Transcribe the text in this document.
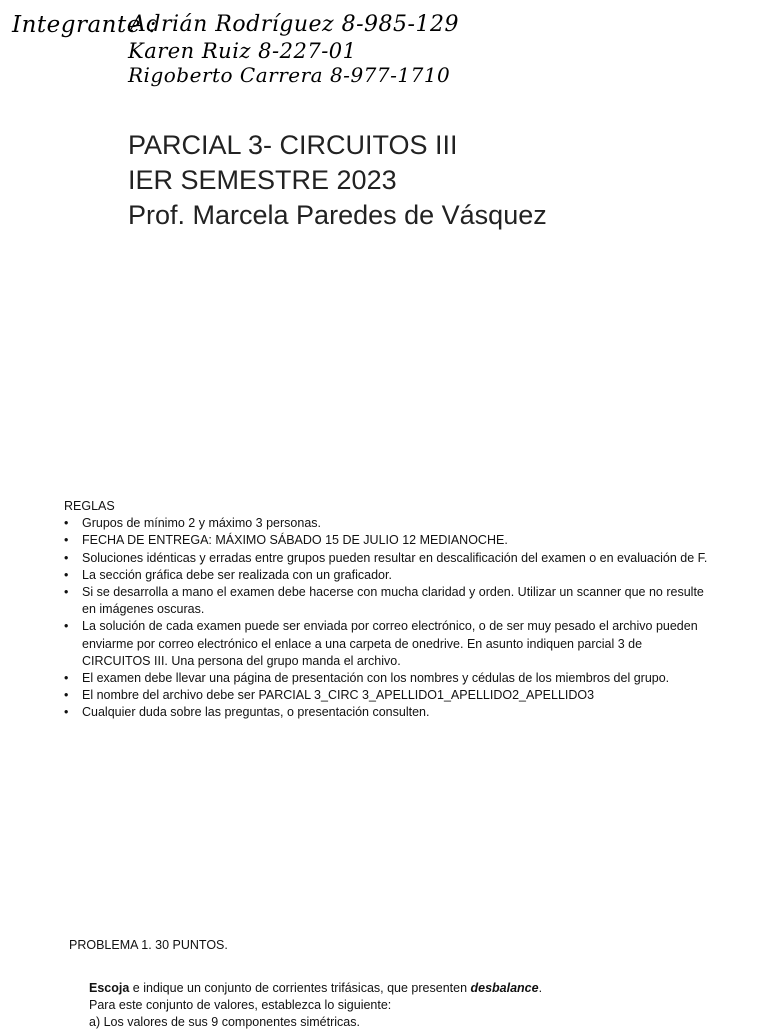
Integrante :
Adrián Rodríguez 8-985-129
Karen Ruiz 8-227-01
Rigoberto Carrera 8-977-1710
PARCIAL 3- CIRCUITOS III
IER SEMESTRE 2023
Prof. Marcela Paredes de Vásquez
REGLAS
• Grupos de mínimo 2 y máximo 3 personas.
• FECHA DE ENTREGA: MÁXIMO SÁBADO 15 DE JULIO 12 MEDIANOCHE.
• Soluciones idénticas y erradas entre grupos pueden resultar en descalificación del examen o en evaluación de F.
• La sección gráfica debe ser realizada con un graficador.
• Si se desarrolla a mano el examen debe hacerse con mucha claridad y orden. Utilizar un scanner que no resulte en imágenes oscuras.
• La solución de cada examen puede ser enviada por correo electrónico, o de ser muy pesado el archivo pueden enviarme por correo electrónico el enlace a una carpeta de onedrive. En asunto indiquen parcial 3 de CIRCUITOS III. Una persona del grupo manda el archivo.
• El examen debe llevar una página de presentación con los nombres y cédulas de los miembros del grupo.
• El nombre del archivo debe ser PARCIAL 3_CIRC 3_APELLIDO1_APELLIDO2_APELLIDO3
• Cualquier duda sobre las preguntas, o presentación consulten.
PROBLEMA 1. 30 PUNTOS.

Escoja e indique un conjunto de corrientes trifásicas, que presenten desbalance.

Para este conjunto de valores, establezca lo siguiente:

a) Los valores de sus 9 componentes simétricas.
